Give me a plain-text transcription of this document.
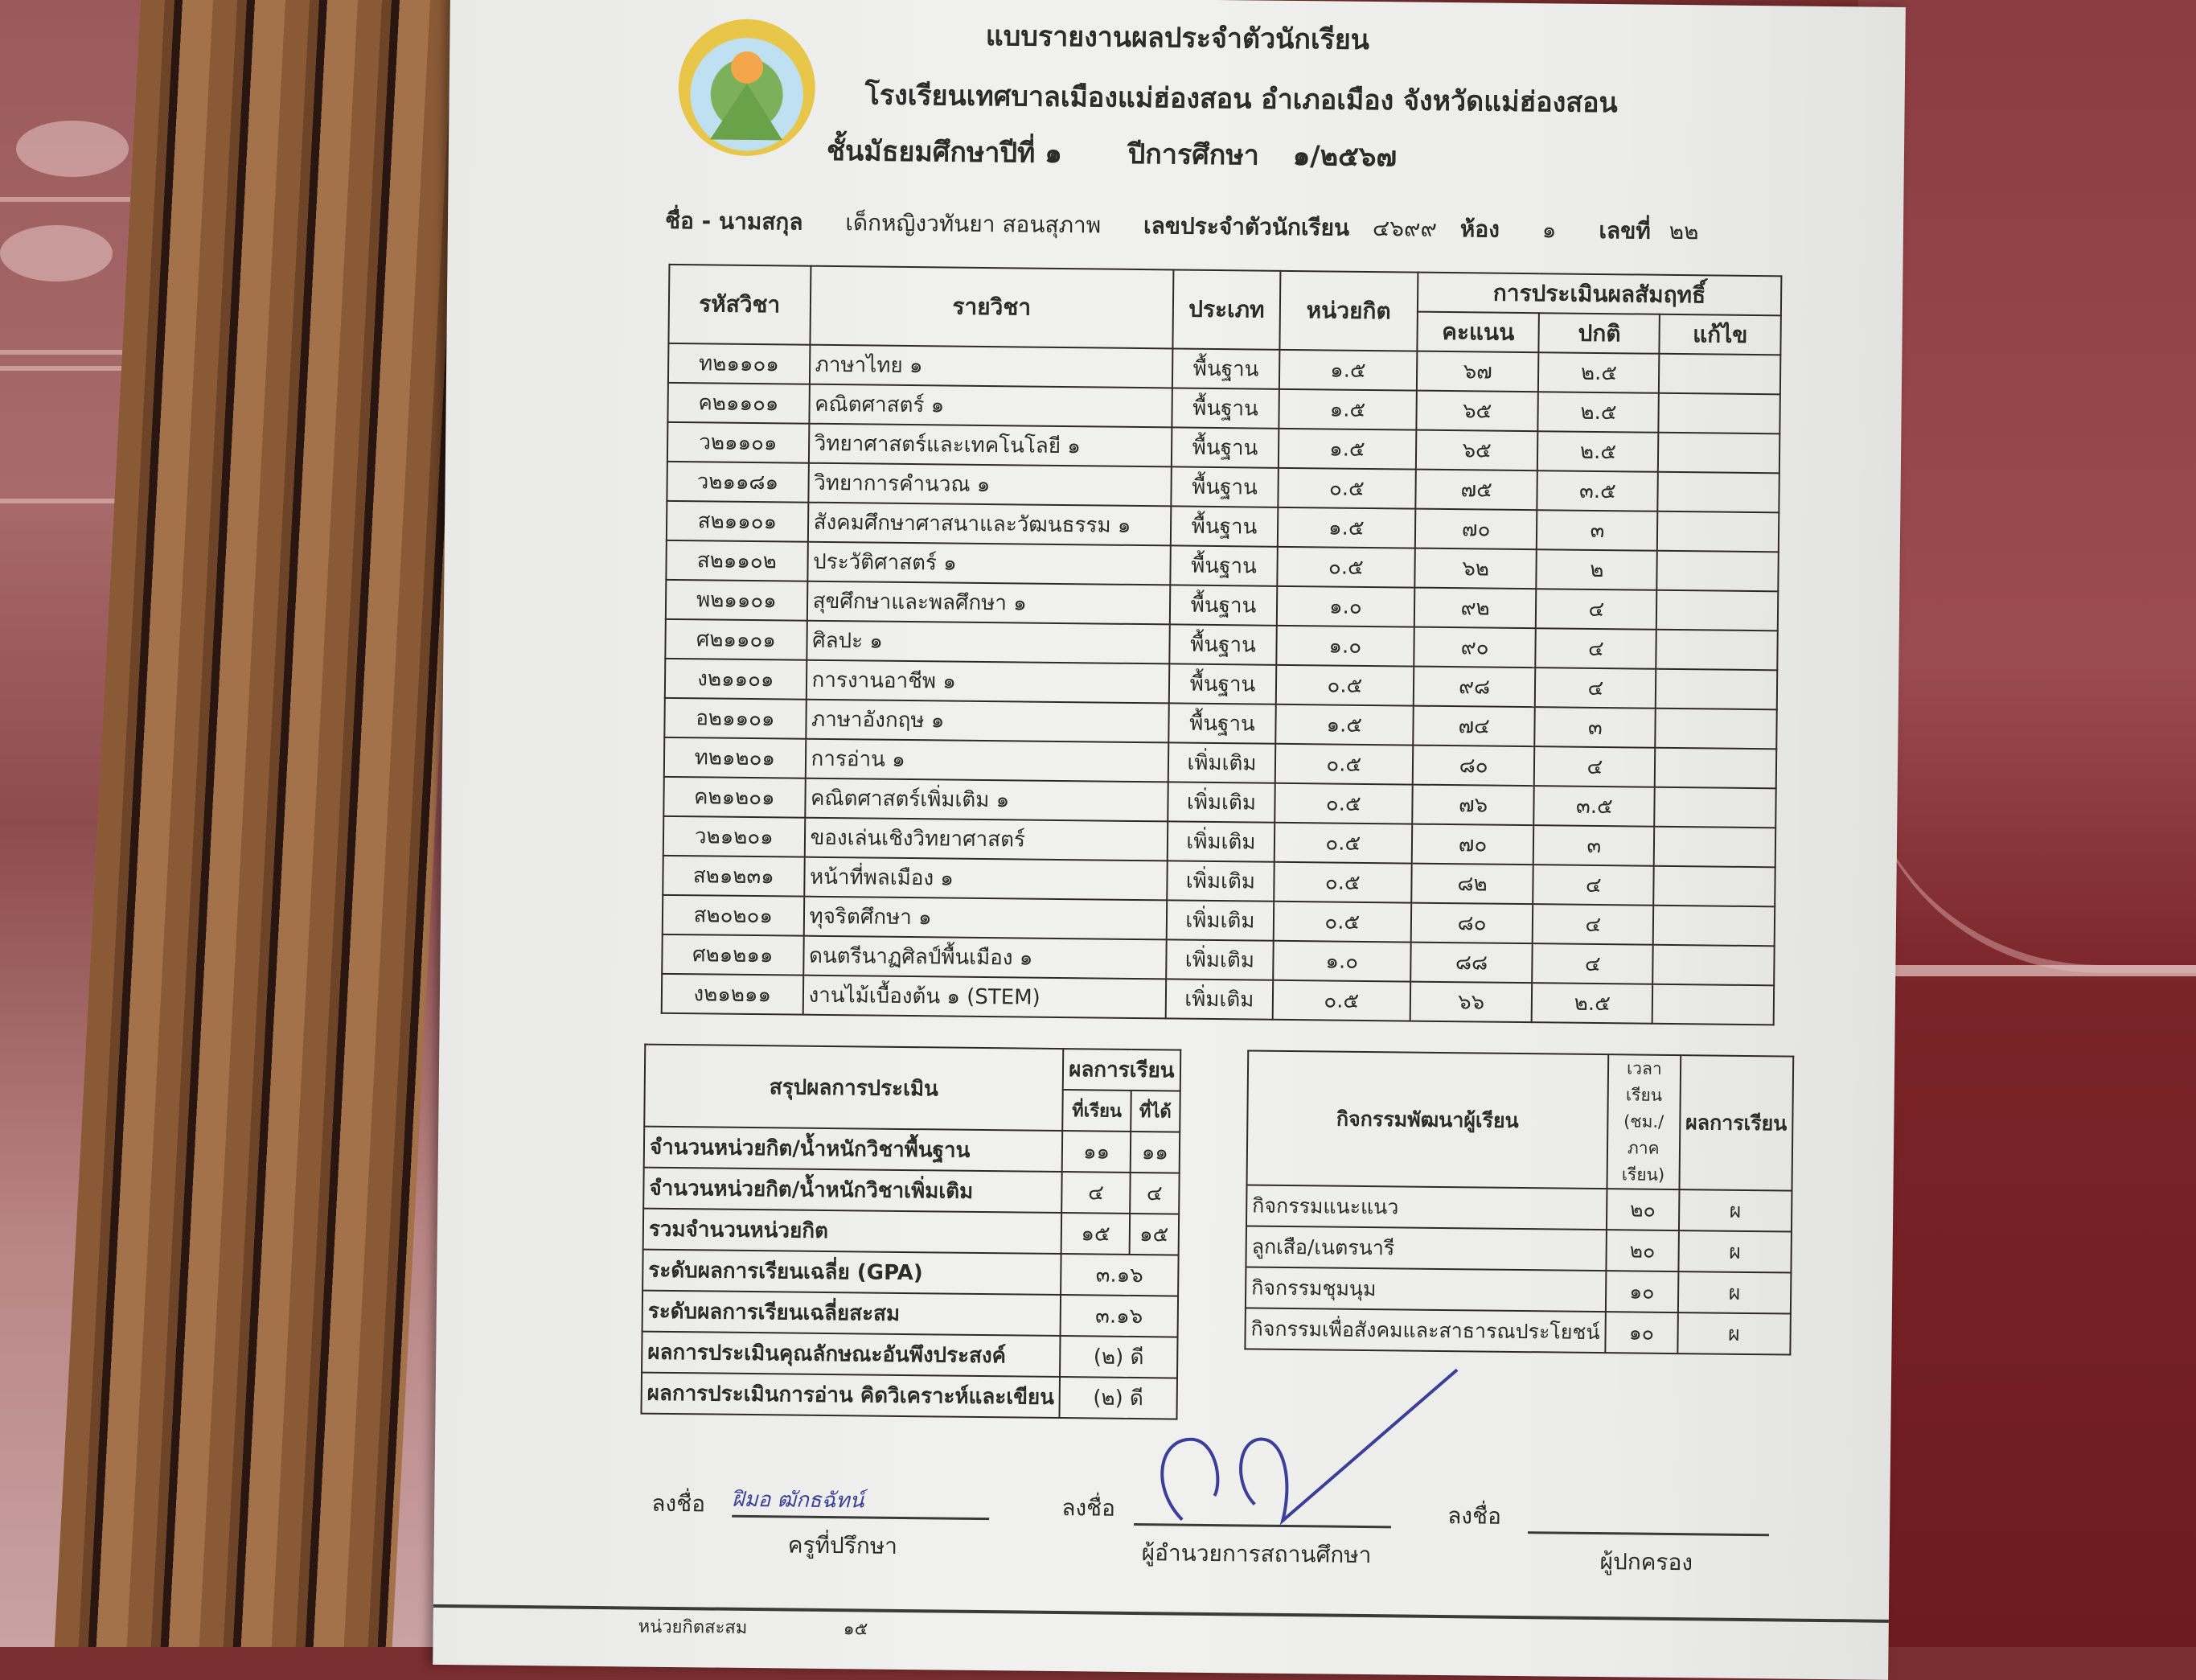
แบบรายงานผลประจำตัวนักเรียน
โรงเรียนเทศบาลเมืองแม่ฮ่องสอน อำเภอเมือง จังหวัดแม่ฮ่องสอน
ชั้นมัธยมศึกษาปีที่ ๑ ปีการศึกษา ๑/๒๕๖๗
ชื่อ - นามสกุล เด็กหญิงวทันยา สอนสุภาพ เลขประจำตัวนักเรียน ๔๖๙๙ ห้อง ๑ เลขที่ ๒๒
รหัสวิชา	รายวิชา	ประเภท	หน่วยกิต	การประเมินผลสัมฤทธิ์		
				คะแนน	ปกติ	แก้ไข
ท๒๑๑๐๑	ภาษาไทย ๑	พื้นฐาน	๑.๕	๖๗	๒.๕	
ค๒๑๑๐๑	คณิตศาสตร์ ๑	พื้นฐาน	๑.๕	๖๕	๒.๕	
ว๒๑๑๐๑	วิทยาศาสตร์และเทคโนโลยี ๑	พื้นฐาน	๑.๕	๖๕	๒.๕	
ว๒๑๑๘๑	วิทยาการคำนวณ ๑	พื้นฐาน	๐.๕	๗๕	๓.๕	
ส๒๑๑๐๑	สังคมศึกษาศาสนาและวัฒนธรรม ๑	พื้นฐาน	๑.๕	๗๐	๓	
ส๒๑๑๐๒	ประวัติศาสตร์ ๑	พื้นฐาน	๐.๕	๖๒	๒	
พ๒๑๑๐๑	สุขศึกษาและพลศึกษา ๑	พื้นฐาน	๑.๐	๙๒	๔	
ศ๒๑๑๐๑	ศิลปะ ๑	พื้นฐาน	๑.๐	๙๐	๔	
ง๒๑๑๐๑	การงานอาชีพ ๑	พื้นฐาน	๐.๕	๙๘	๔	
อ๒๑๑๐๑	ภาษาอังกฤษ ๑	พื้นฐาน	๑.๕	๗๔	๓	
ท๒๑๒๐๑	การอ่าน ๑	เพิ่มเติม	๐.๕	๘๐	๔	
ค๒๑๒๐๑	คณิตศาสตร์เพิ่มเติม ๑	เพิ่มเติม	๐.๕	๗๖	๓.๕	
ว๒๑๒๐๑	ของเล่นเชิงวิทยาศาสตร์	เพิ่มเติม	๐.๕	๗๐	๓	
ส๒๑๒๓๑	หน้าที่พลเมือง ๑	เพิ่มเติม	๐.๕	๘๒	๔	
ส๒๐๒๐๑	ทุจริตศึกษา ๑	เพิ่มเติม	๐.๕	๘๐	๔	
ศ๒๑๒๑๑	ดนตรีนาฏศิลป์พื้นเมือง ๑	เพิ่มเติม	๑.๐	๘๘	๔	
ง๒๑๒๑๑	งานไม้เบื้องต้น ๑ (STEM)	เพิ่มเติม	๐.๕	๖๖	๒.๕	
สรุปผลการประเมิน	ผลการเรียน	
	ที่เรียน	ที่ได้
จำนวนหน่วยกิต/น้ำหนักวิชาพื้นฐาน	๑๑	๑๑
จำนวนหน่วยกิต/น้ำหนักวิชาเพิ่มเติม	๔	๔
รวมจำนวนหน่วยกิต	๑๕	๑๕
ระดับผลการเรียนเฉลี่ย (GPA)	๓.๑๖	
ระดับผลการเรียนเฉลี่ยสะสม	๓.๑๖	
ผลการประเมินคุณลักษณะอันพึงประสงค์	(๒) ดี	
ผลการประเมินการอ่าน คิดวิเคราะห์และเขียน	(๒) ดี	
กิจกรรมพัฒนาผู้เรียน	เวลาเรียน (ชม./ภาคเรียน)	ผลการเรียน
กิจกรรมแนะแนว	๒๐	ผ
ลูกเสือ/เนตรนารี	๒๐	ผ
กิจกรรมชุมนุม	๑๐	ผ
กิจกรรมเพื่อสังคมและสาธารณประโยชน์	๑๐	ผ
ลงชื่อ ฝิมอ ฒักธฉัทน์
ครูที่ปรึกษา
ลงชื่อ
ผู้อำนวยการสถานศึกษา
ลงชื่อ
ผู้ปกครอง
หน่วยกิตสะสม	๑๕
